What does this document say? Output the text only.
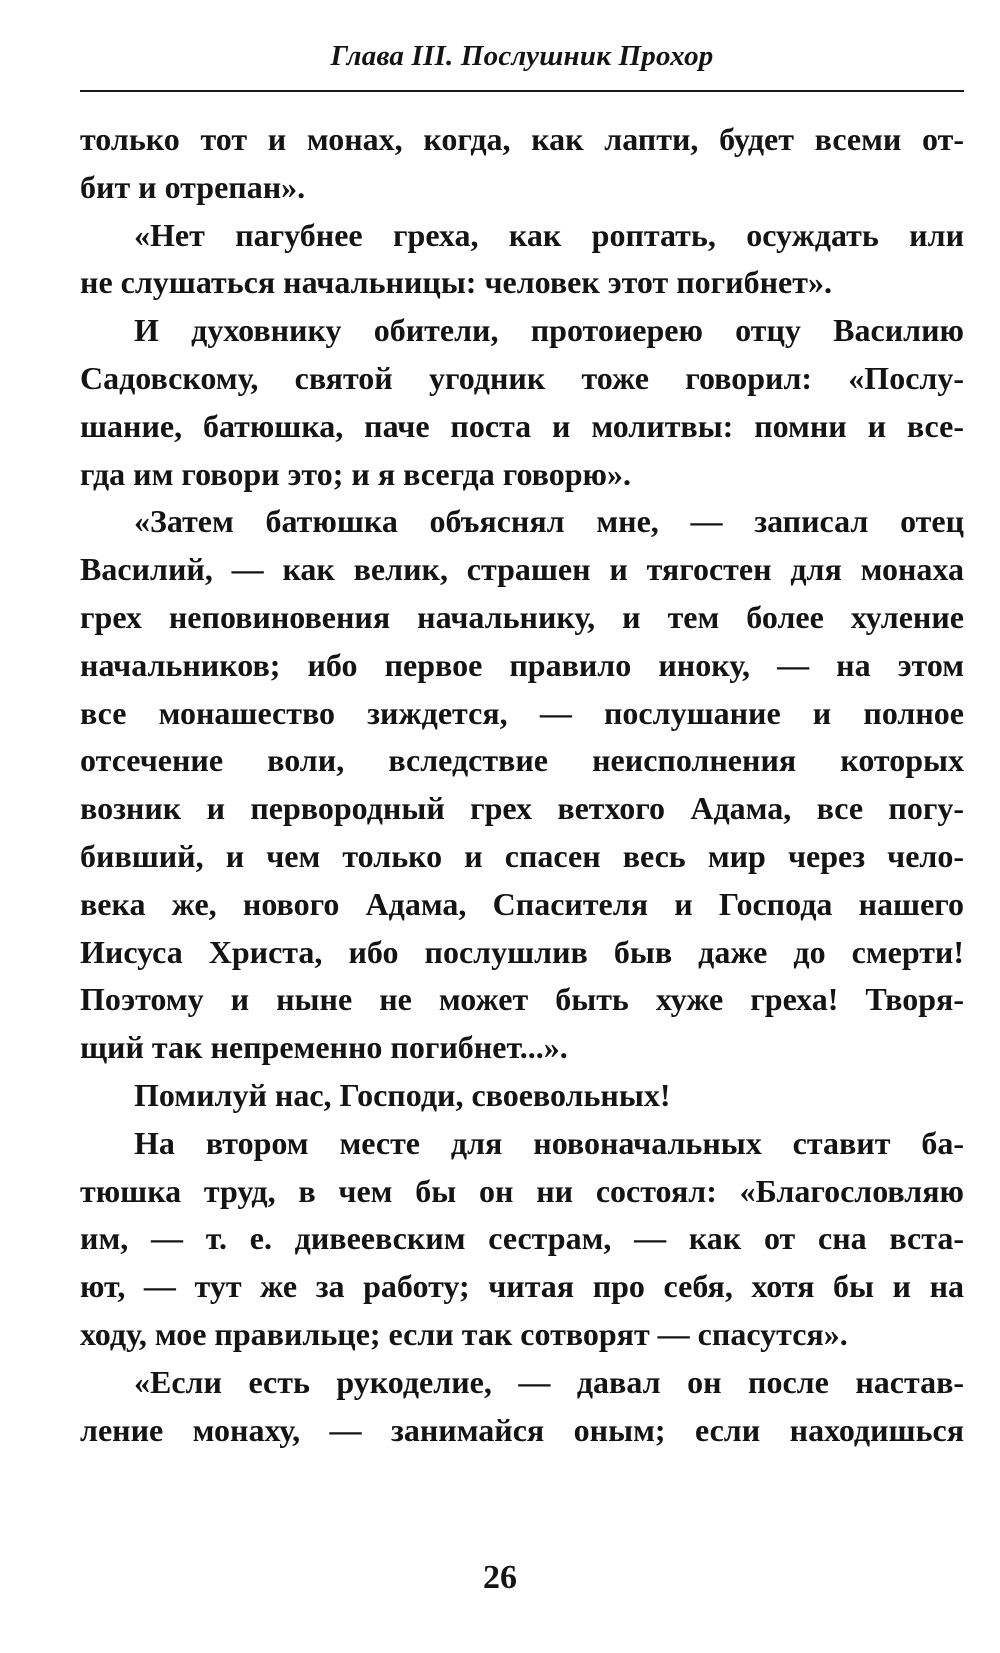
Глава III. Послушник Прохор
только тот и монах, когда, как лапти, будет всеми от-
бит и отрепан».
«Нет пагубнее греха, как роптать, осуждать или
не слушаться начальницы: человек этот погибнет».
И духовнику обители, протоиерею отцу Василию
Садовскому, святой угодник тоже говорил: «Послу-
шание, батюшка, паче поста и молитвы: помни и все-
гда им говори это; и я всегда говорю».
«Затем батюшка объяснял мне, — записал отец
Василий, — как велик, страшен и тягостен для монаха
грех неповиновения начальнику, и тем более хуление
начальников; ибо первое правило иноку, — на этом
все монашество зиждется, — послушание и полное
отсечение воли, вследствие неисполнения которых
возник и первородный грех ветхого Адама, все погу-
бивший, и чем только и спасен весь мир через чело-
века же, нового Адама, Спасителя и Господа нашего
Иисуса Христа, ибо послушлив быв даже до смерти!
Поэтому и ныне не может быть хуже греха! Творя-
щий так непременно погибнет...».
Помилуй нас, Господи, своевольных!
На втором месте для новоначальных ставит ба-
тюшка труд, в чем бы он ни состоял: «Благословляю
им, — т. е. дивеевским сестрам, — как от сна вста-
ют, — тут же за работу; читая про себя, хотя бы и на
ходу, мое правильце; если так сотворят — спасутся».
«Если есть рукоделие, — давал он после настав-
ление монаху, — занимайся оным; если находишься
26
